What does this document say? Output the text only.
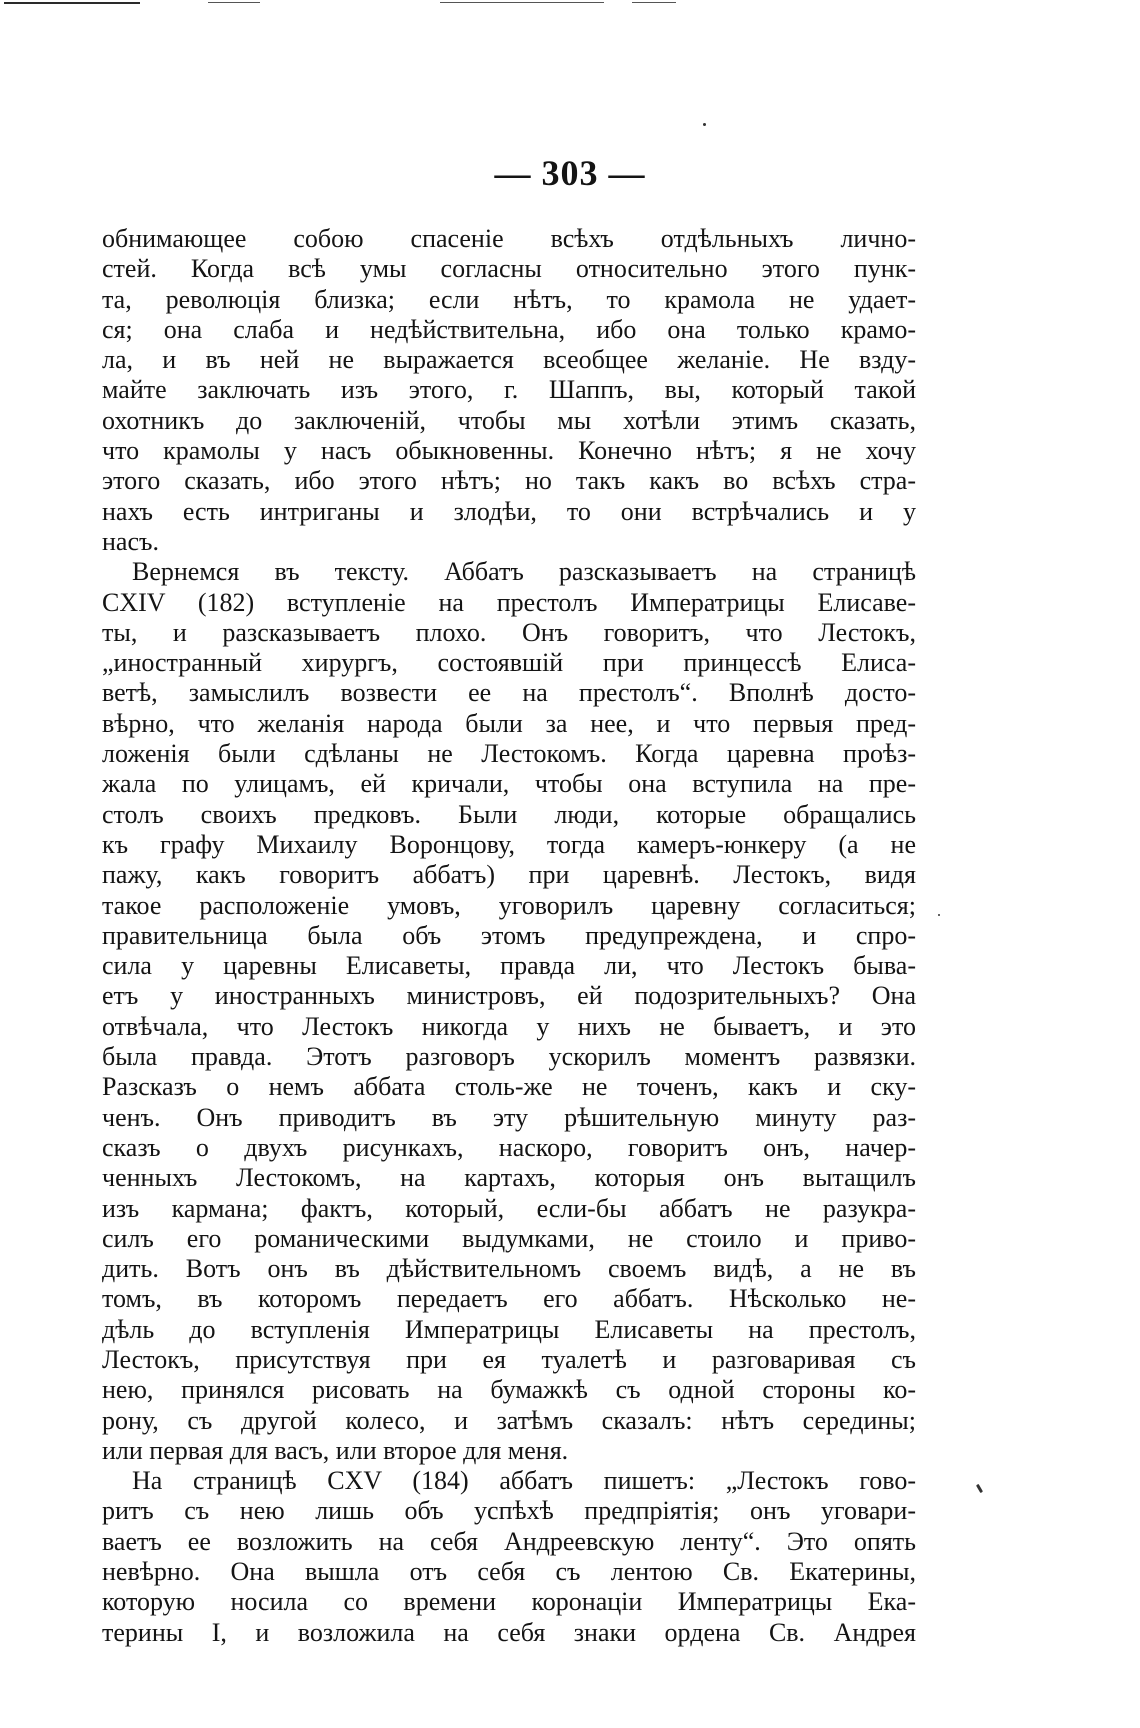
— 303 —
обнимающее собою спасеніе всѣхъ отдѣльныхъ лично-
стей. Когда всѣ умы согласны относительно этого пунк-
та, революція близка; если нѣтъ, то крамола не удает-
ся; она слаба и недѣйствительна, ибо она только крамо-
ла, и въ ней не выражается всеобщее желаніе. Не взду-
майте заключать изъ этого, г. Шаппъ, вы, который такой
охотникъ до заключеній, чтобы мы хотѣли этимъ сказать,
что крамолы у насъ обыкновенны. Конечно нѣтъ; я не хочу
этого сказать, ибо этого нѣтъ; но такъ какъ во всѣхъ стра-
нахъ есть интриганы и злодѣи, то они встрѣчались и у
насъ.
Вернемся въ тексту. Аббатъ разсказываетъ на страницѣ
CXIV (182) вступленіе на престолъ Императрицы Елисаве-
ты, и разсказываетъ плохо. Онъ говоритъ, что Лестокъ,
„иностранный хирургъ, состоявшій при принцессѣ Елиса-
ветѣ, замыслилъ возвести ее на престолъ“. Вполнѣ досто-
вѣрно, что желанія народа были за нее, и что первыя пред-
ложенія были сдѣланы не Лестокомъ. Когда царевна проѣз-
жала по улицамъ, ей кричали, чтобы она вступила на пре-
столъ своихъ предковъ. Были люди, которые обращались
къ графу Михаилу Воронцову, тогда камеръ-юнкеру (а не
пажу, какъ говоритъ аббатъ) при царевнѣ. Лестокъ, видя
такое расположеніе умовъ, уговорилъ царевну согласиться;
правительница была объ этомъ предупреждена, и спро-
сила у царевны Елисаветы, правда ли, что Лестокъ быва-
етъ у иностранныхъ министровъ, ей подозрительныхъ? Она
отвѣчала, что Лестокъ никогда у нихъ не бываетъ, и это
была правда. Этотъ разговоръ ускорилъ моментъ развязки.
Разсказъ о немъ аббата столь-же не точенъ, какъ и ску-
ченъ. Онъ приводитъ въ эту рѣшительную минуту раз-
сказъ о двухъ рисункахъ, наскоро, говоритъ онъ, начер-
ченныхъ Лестокомъ, на картахъ, которыя онъ вытащилъ
изъ кармана; фактъ, который, если-бы аббатъ не разукра-
силъ его романическими выдумками, не стоило и приво-
дить. Вотъ онъ въ дѣйствительномъ своемъ видѣ, а не въ
томъ, въ которомъ передаетъ его аббатъ. Нѣсколько не-
дѣль до вступленія Императрицы Елисаветы на престолъ,
Лестокъ, присутствуя при ея туалетѣ и разговаривая съ
нею, принялся рисовать на бумажкѣ съ одной стороны ко-
рону, съ другой колесо, и затѣмъ сказалъ: нѣтъ середины;
или первая для васъ, или второе для меня.
На страницѣ CXV (184) аббатъ пишетъ: „Лестокъ гово-
ритъ съ нею лишь объ успѣхѣ предпріятія; онъ уговари-
ваетъ ее возложить на себя Андреевскую ленту“. Это опять
невѣрно. Она вышла отъ себя съ лентою Св. Екатерины,
которую носила со времени коронаціи Императрицы Ека-
терины I, и возложила на себя знаки ордена Св. Андрея
